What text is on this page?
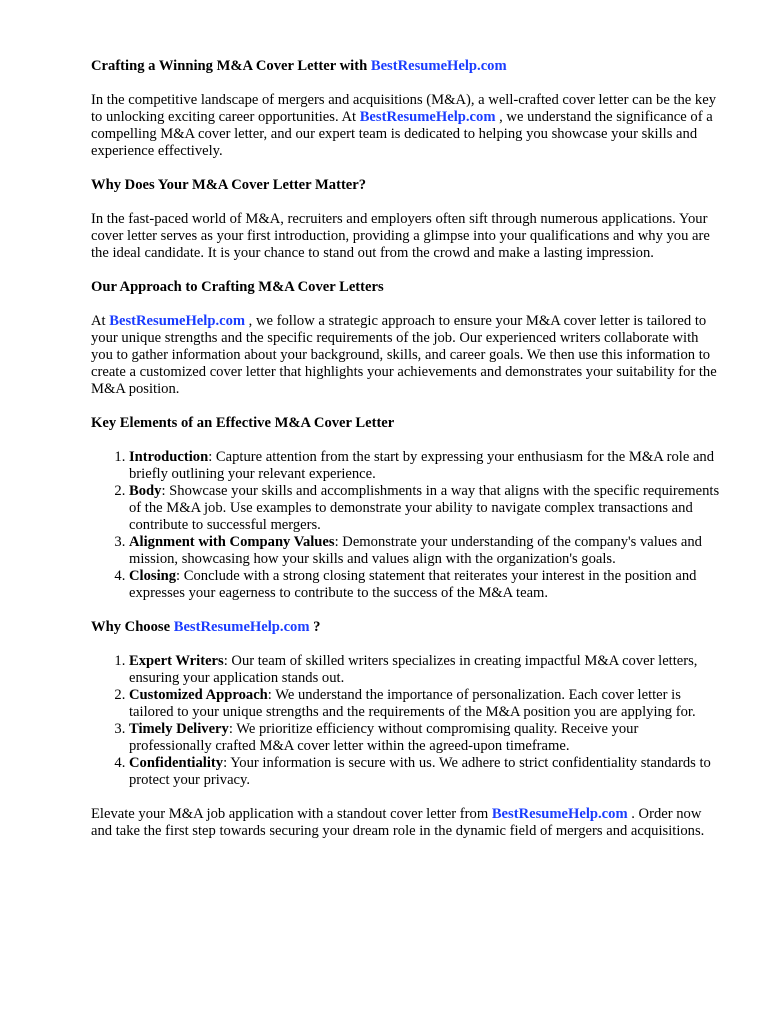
Crafting a Winning M&A Cover Letter with BestResumeHelp.com

In the competitive landscape of mergers and acquisitions (M&A), a well-crafted cover letter can be the key to unlocking exciting career opportunities. At BestResumeHelp.com , we understand the significance of a compelling M&A cover letter, and our expert team is dedicated to helping you showcase your skills and experience effectively.

Why Does Your M&A Cover Letter Matter?

In the fast-paced world of M&A, recruiters and employers often sift through numerous applications. Your cover letter serves as your first introduction, providing a glimpse into your qualifications and why you are the ideal candidate. It is your chance to stand out from the crowd and make a lasting impression.

Our Approach to Crafting M&A Cover Letters

At BestResumeHelp.com , we follow a strategic approach to ensure your M&A cover letter is tailored to your unique strengths and the specific requirements of the job. Our experienced writers collaborate with you to gather information about your background, skills, and career goals. We then use this information to create a customized cover letter that highlights your achievements and demonstrates your suitability for the M&A position.

Key Elements of an Effective M&A Cover Letter

1. Introduction: Capture attention from the start by expressing your enthusiasm for the M&A role and briefly outlining your relevant experience.
2. Body: Showcase your skills and accomplishments in a way that aligns with the specific requirements of the M&A job. Use examples to demonstrate your ability to navigate complex transactions and contribute to successful mergers.
3. Alignment with Company Values: Demonstrate your understanding of the company's values and mission, showcasing how your skills and values align with the organization's goals.
4. Closing: Conclude with a strong closing statement that reiterates your interest in the position and expresses your eagerness to contribute to the success of the M&A team.

Why Choose BestResumeHelp.com ?

1. Expert Writers: Our team of skilled writers specializes in creating impactful M&A cover letters, ensuring your application stands out.
2. Customized Approach: We understand the importance of personalization. Each cover letter is tailored to your unique strengths and the requirements of the M&A position you are applying for.
3. Timely Delivery: We prioritize efficiency without compromising quality. Receive your professionally crafted M&A cover letter within the agreed-upon timeframe.
4. Confidentiality: Your information is secure with us. We adhere to strict confidentiality standards to protect your privacy.

Elevate your M&A job application with a standout cover letter from BestResumeHelp.com . Order now and take the first step towards securing your dream role in the dynamic field of mergers and acquisitions.
